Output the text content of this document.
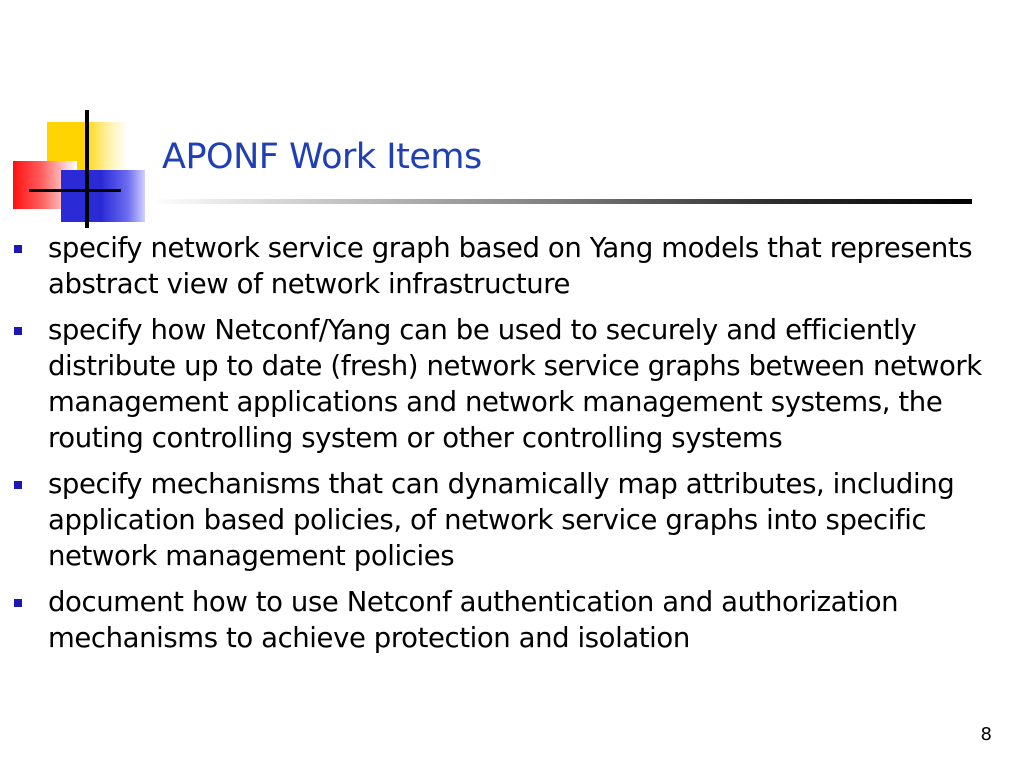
APONF Work Items
specify network service graph based on Yang models that represents abstract view of network infrastructure
specify how Netconf/Yang can be used to securely and efficiently distribute up to date (fresh) network service graphs between network management applications and network management systems, the routing controlling system or other controlling systems
specify mechanisms that can dynamically map attributes, including application based policies, of network service graphs into specific network management policies
document how to use Netconf authentication and authorization mechanisms to achieve protection and isolation
8
